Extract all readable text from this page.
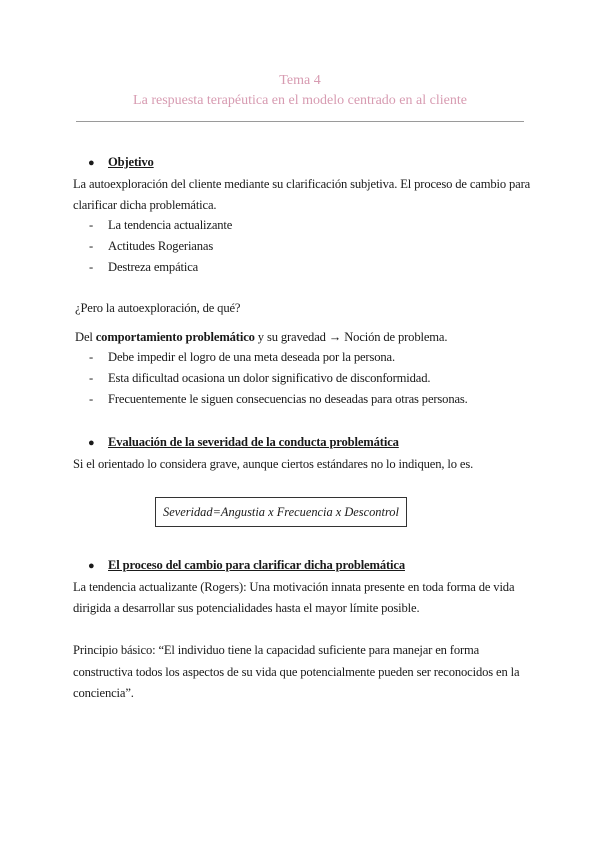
Tema 4
La respuesta terapéutica en el modelo centrado en al cliente
● Objetivo
La autoexploración del cliente mediante su clarificación subjetiva. El proceso de cambio para
clarificar dicha problemática.
- La tendencia actualizante
- Actitudes Rogerianas
- Destreza empática
¿Pero la autoexploración, de qué?
Del comportamiento problemático y su gravedad → Noción de problema.
- Debe impedir el logro de una meta deseada por la persona.
- Esta dificultad ocasiona un dolor significativo de disconformidad.
- Frecuentemente le siguen consecuencias no deseadas para otras personas.
● Evaluación de la severidad de la conducta problemática
Si el orientado lo considera grave, aunque ciertos estándares no lo indiquen, lo es.
Severidad=Angustia x Frecuencia x Descontrol
● El proceso del cambio para clarificar dicha problemática
La tendencia actualizante (Rogers): Una motivación innata presente en toda forma de vida
dirigida a desarrollar sus potencialidades hasta el mayor límite posible.
Principio básico: “El individuo tiene la capacidad suficiente para manejar en forma
constructiva todos los aspectos de su vida que potencialmente pueden ser reconocidos en la
conciencia”.
